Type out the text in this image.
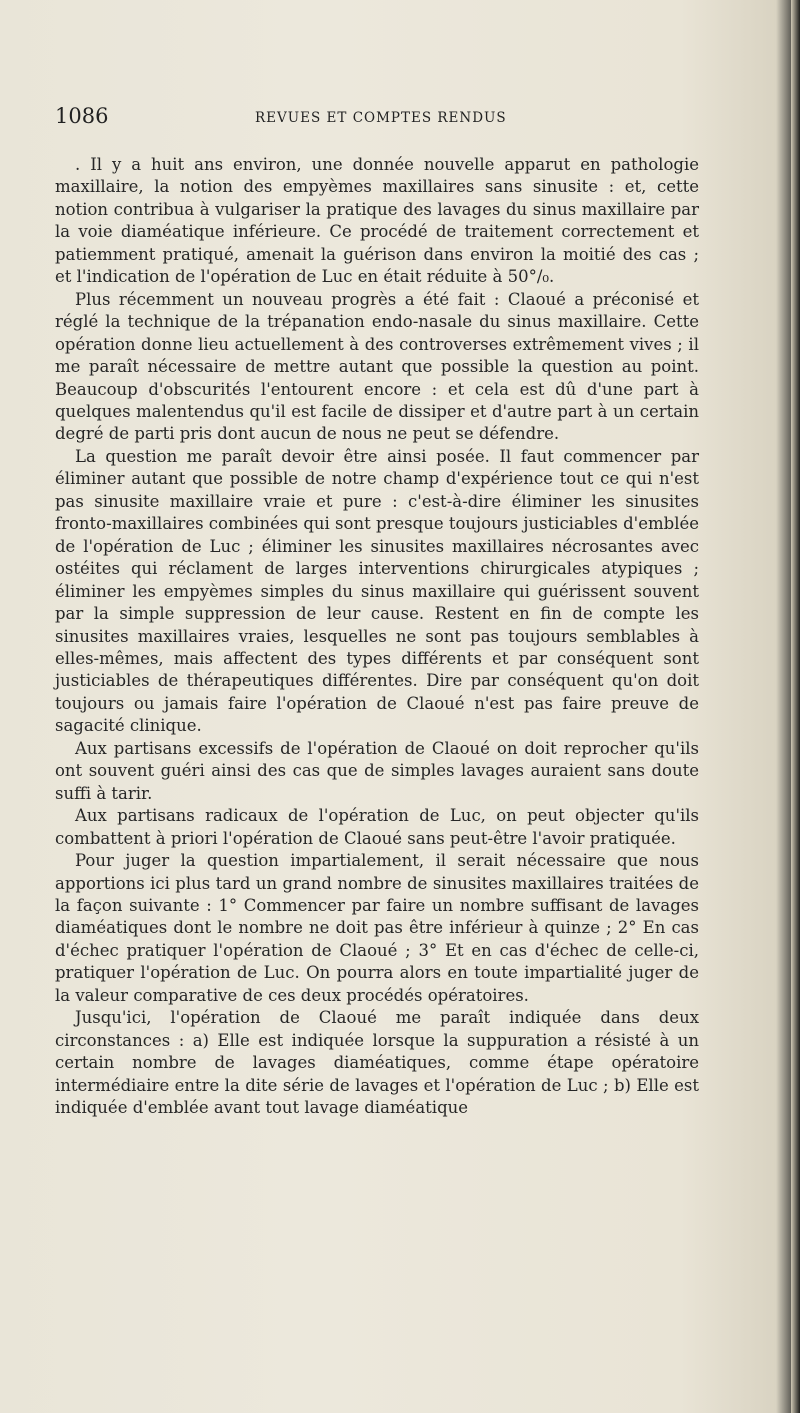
1086	REVUES ET COMPTES RENDUS

. Il y a huit ans environ, une donnée nouvelle apparut en pathologie maxillaire, la notion des empyèmes maxillaires sans sinusite : et, cette notion contribua à vulgariser la pratique des lavages du sinus maxillaire par la voie diaméatique inférieure. Ce procédé de traitement correctement et patiemment pratiqué, amenait la guérison dans environ la moitié des cas ; et l'indication de l'opération de Luc en était réduite à 50°/₀.

Plus récemment un nouveau progrès a été fait : Claoué a préconisé et réglé la technique de la trépanation endo-nasale du sinus maxillaire. Cette opération donne lieu actuellement à des controverses extrêmement vives ; il me paraît nécessaire de mettre autant que possible la question au point. Beaucoup d'obscurités l'entourent encore : et cela est dû d'une part à quelques malentendus qu'il est facile de dissiper et d'autre part à un certain degré de parti pris dont aucun de nous ne peut se défendre.

La question me paraît devoir être ainsi posée. Il faut commencer par éliminer autant que possible de notre champ d'expérience tout ce qui n'est pas sinusite maxillaire vraie et pure : c'est-à-dire éliminer les sinusites fronto-maxillaires combinées qui sont presque toujours justiciables d'emblée de l'opération de Luc ; éliminer les sinusites maxillaires nécrosantes avec ostéites qui réclament de larges interventions chirurgicales atypiques ; éliminer les empyèmes simples du sinus maxillaire qui guérissent souvent par la simple suppression de leur cause. Restent en fin de compte les sinusites maxillaires vraies, lesquelles ne sont pas toujours semblables à elles-mêmes, mais affectent des types différents et par conséquent sont justiciables de thérapeutiques différentes. Dire par conséquent qu'on doit toujours ou jamais faire l'opération de Claoué n'est pas faire preuve de sagacité clinique.

Aux partisans excessifs de l'opération de Claoué on doit reprocher qu'ils ont souvent guéri ainsi des cas que de simples lavages auraient sans doute suffi à tarir.

Aux partisans radicaux de l'opération de Luc, on peut objecter qu'ils combattent à priori l'opération de Claoué sans peut-être l'avoir pratiquée.

Pour juger la question impartialement, il serait nécessaire que nous apportions ici plus tard un grand nombre de sinusites maxillaires traitées de la façon suivante : 1° Commencer par faire un nombre suffisant de lavages diaméatiques dont le nombre ne doit pas être inférieur à quinze ; 2° En cas d'échec pratiquer l'opération de Claoué ; 3° Et en cas d'échec de celle-ci, pratiquer l'opération de Luc. On pourra alors en toute impartialité juger de la valeur comparative de ces deux procédés opératoires.

Jusqu'ici, l'opération de Claoué me paraît indiquée dans deux circonstances : a) Elle est indiquée lorsque la suppuration a résisté à un certain nombre de lavages diaméatiques, comme étape opératoire intermédiaire entre la dite série de lavages et l'opération de Luc ; b) Elle est indiquée d'emblée avant tout lavage diaméatique
